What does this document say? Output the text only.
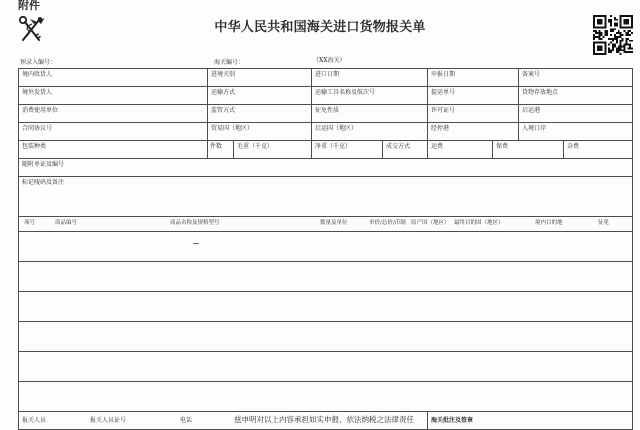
附件
中华人民共和国海关进口货物报关单
预录入编号：	海关编号：	（XX海关）
境内收货人	进境关别	进口日期	申报日期	备案号
境外发货人	运输方式	运输工具名称及航次号	提运单号	货物存放地点
消费使用单位	监管方式	征免性质	许可证号	启运港
合同协议号	贸易国（地区）	启运国（地区）	经停港	入境口岸
包装种类	件数 毛重（千克）	净重（千克）	成交方式	运费	保费	杂费
随附单证及编号
标记唛码及备注
项号	商品编号	商品名称及规格型号	数量及单位	单价/总价/币制 原产国（地区） 最终目的国（地区）	境内目的地	征免
报关人员	报关人员证号	电话	兹申明对以上内容承担如实申报、依法纳税之法律责任	海关批注及签章
